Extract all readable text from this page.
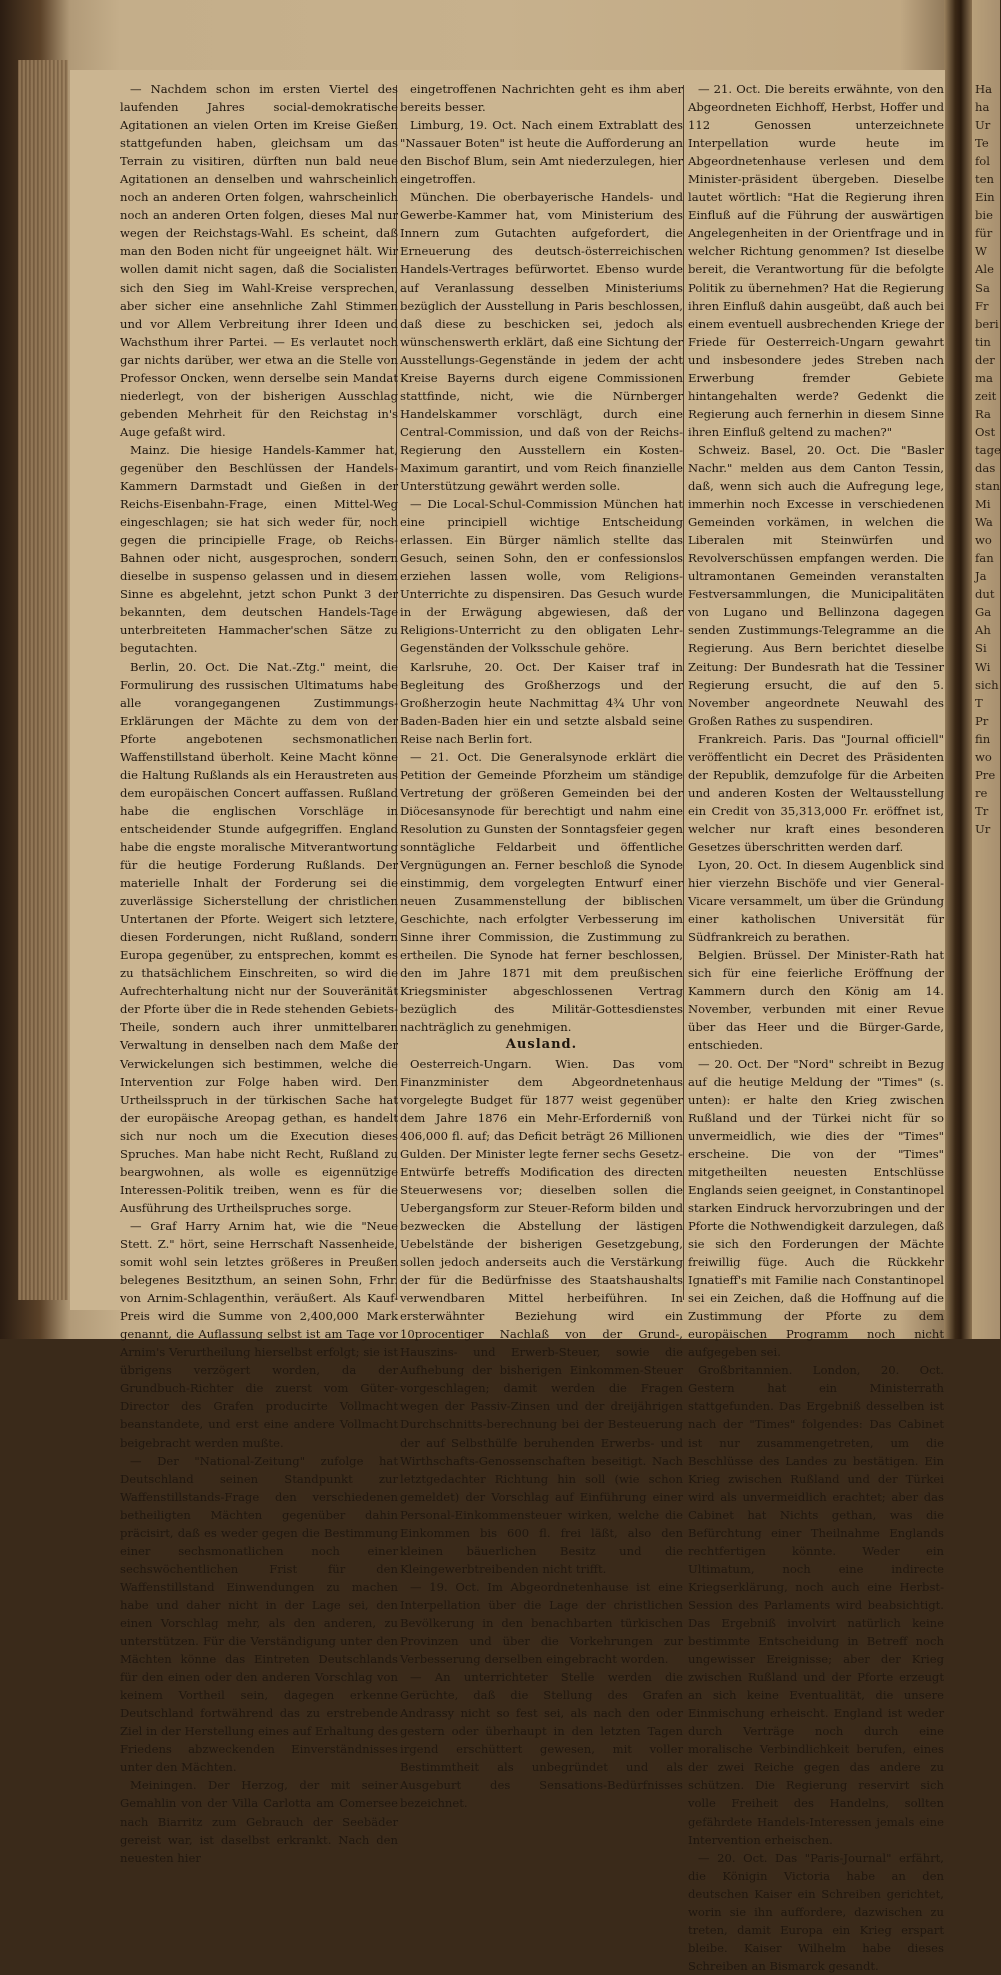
— Nachdem schon im ersten Viertel des laufenden Jahres social-demokratische Agitationen an vielen Orten im Kreise Gießen stattgefunden haben, gleichsam um das Terrain zu visitiren, dürften nun bald neue Agitationen an denselben und wahrscheinlich noch an anderen Orten folgen, wahrscheinlich noch an anderen Orten folgen, dieses Mal nur wegen der Reichstags-Wahl. Es scheint, daß man den Boden nicht für ungeeignet hält. Wir wollen damit nicht sagen, daß die Socialisten sich den Sieg im Wahl-Kreise versprechen, aber sicher eine ansehnliche Zahl Stimmen und vor Allem Verbreitung ihrer Ideen und Wachsthum ihrer Partei. — Es verlautet noch gar nichts darüber, wer etwa an die Stelle von Professor Oncken, wenn derselbe sein Mandat niederlegt, von der bisherigen Ausschlag gebenden Mehrheit für den Reichstag in's Auge gefaßt wird.

Mainz. Die hiesige Handels-Kammer hat, gegenüber den Beschlüssen der Handels-Kammern Darmstadt und Gießen in der Reichs-Eisenbahn-Frage, einen Mittel-Weg eingeschlagen; sie hat sich weder für, noch gegen die principielle Frage, ob Reichs-Bahnen oder nicht, ausgesprochen, sondern dieselbe in suspenso gelassen und in diesem Sinne es abgelehnt, jetzt schon Punkt 3 der bekannten, dem deutschen Handels-Tage unterbreiteten Hammacher'schen Sätze zu begutachten.

Berlin, 20. Oct. Die Nat.-Ztg." meint, die Formulirung des russischen Ultimatums habe alle vorangegangenen Zustimmungs-Erklärungen der Mächte zu dem von der Pforte angebotenen sechsmonatlichen Waffenstillstand überholt. Keine Macht könne die Haltung Rußlands als ein Heraustreten aus dem europäischen Concert auffassen. Rußland habe die englischen Vorschläge in entscheidender Stunde aufgegriffen. England habe die engste moralische Mitverantwortung für die heutige Forderung Rußlands. Der materielle Inhalt der Forderung sei die zuverlässige Sicherstellung der christlichen Untertanen der Pforte. Weigert sich letztere, diesen Forderungen, nicht Rußland, sondern Europa gegenüber, zu entsprechen, kommt es zu thatsächlichem Einschreiten, so wird die Aufrechterhaltung nicht nur der Souveränität der Pforte über die in Rede stehenden Gebiets-Theile, sondern auch ihrer unmittelbaren Verwaltung in denselben nach dem Maße der Verwickelungen sich bestimmen, welche die Intervention zur Folge haben wird. Den Urtheilsspruch in der türkischen Sache hat der europäische Areopag gethan, es handelt sich nur noch um die Execution dieses Spruches. Man habe nicht Recht, Rußland zu beargwohnen, als wolle es eigennützige Interessen-Politik treiben, wenn es für die Ausführung des Urtheilspruches sorge.

— Graf Harry Arnim hat, wie die "Neue Stett. Z." hört, seine Herrschaft Nassenheide, somit wohl sein letztes größeres in Preußen belegenes Besitzthum, an seinen Sohn, Frhr. von Arnim-Schlagenthin, veräußert. Als Kauf-Preis wird die Summe von 2,400,000 Mark genannt, die Auflassung selbst ist am Tage vor Arnim's Verurtheilung hierselbst erfolgt; sie ist übrigens verzögert worden, da der Grundbuch-Richter die zuerst vom Güter-Director des Grafen producirte Vollmacht beanstandete, und erst eine andere Vollmacht beigebracht werden mußte.

— Der "National-Zeitung" zufolge hat Deutschland seinen Standpunkt zur Waffenstillstands-Frage den verschiedenen betheiligten Mächten gegenüber dahin präcisirt, daß es weder gegen die Bestimmung einer sechsmonatlichen noch einer sechswöchentlichen Frist für den Waffenstillstand Einwendungen zu machen habe und daher nicht in der Lage sei, den einen Vorschlag mehr, als den anderen, zu unterstützen. Für die Verständigung unter den Mächten könne das Eintreten Deutschlands für den einen oder den anderen Vorschlag von keinem Vortheil sein, dagegen erkenne Deutschland fortwährend das zu erstrebende Ziel in der Herstellung eines auf Erhaltung des Friedens abzweckenden Einverständnisses unter den Mächten.

Meiningen. Der Herzog, der mit seiner Gemahlin von der Villa Carlotta am Comersee nach Biarritz zum Gebrauch der Seebäder gereist war, ist daselbst erkrankt. Nach den neuesten hier

eingetroffenen Nachrichten geht es ihm aber bereits besser.

Limburg, 19. Oct. Nach einem Extrablatt des "Nassauer Boten" ist heute die Aufforderung an den Bischof Blum, sein Amt niederzulegen, hier eingetroffen.

München. Die oberbayerische Handels- und Gewerbe-Kammer hat, vom Ministerium des Innern zum Gutachten aufgefordert, die Erneuerung des deutsch-österreichischen Handels-Vertrages befürwortet. Ebenso wurde auf Veranlassung desselben Ministeriums bezüglich der Ausstellung in Paris beschlossen, daß diese zu beschicken sei, jedoch als wünschenswerth erklärt, daß eine Sichtung der Ausstellungs-Gegenstände in jedem der acht Kreise Bayerns durch eigene Commissionen stattfinde, nicht, wie die Nürnberger Handelskammer vorschlägt, durch eine Central-Commission, und daß von der Reichs-Regierung den Ausstellern ein Kosten-Maximum garantirt, und vom Reich finanzielle Unterstützung gewährt werden solle.

— Die Local-Schul-Commission München hat eine principiell wichtige Entscheidung erlassen. Ein Bürger nämlich stellte das Gesuch, seinen Sohn, den er confessionslos erziehen lassen wolle, vom Religions-Unterrichte zu dispensiren. Das Gesuch wurde in der Erwägung abgewiesen, daß der Religions-Unterricht zu den obligaten Lehr-Gegenständen der Volksschule gehöre.

Karlsruhe, 20. Oct. Der Kaiser traf in Begleitung des Großherzogs und der Großherzogin heute Nachmittag 4¾ Uhr von Baden-Baden hier ein und setzte alsbald seine Reise nach Berlin fort.

— 21. Oct. Die Generalsynode erklärt die Petition der Gemeinde Pforzheim um ständige Vertretung der größeren Gemeinden bei der Diöcesansynode für berechtigt und nahm eine Resolution zu Gunsten der Sonntagsfeier gegen sonntägliche Feldarbeit und öffentliche Vergnügungen an. Ferner beschloß die Synode einstimmig, dem vorgelegten Entwurf einer neuen Zusammenstellung der biblischen Geschichte, nach erfolgter Verbesserung im Sinne ihrer Commission, die Zustimmung zu ertheilen. Die Synode hat ferner beschlossen, den im Jahre 1871 mit dem preußischen Kriegsminister abgeschlossenen Vertrag bezüglich des Militär-Gottesdienstes nachträglich zu genehmigen.

Ausland.

Oesterreich-Ungarn. Wien. Das vom Finanzminister dem Abgeordnetenhaus vorgelegte Budget für 1877 weist gegenüber dem Jahre 1876 ein Mehr-Erforderniß von 406,000 fl. auf; das Deficit beträgt 26 Millionen Gulden. Der Minister legte ferner sechs Gesetz-Entwürfe betreffs Modification des directen Steuerwesens vor; dieselben sollen die Uebergangsform zur Steuer-Reform bilden und bezwecken die Abstellung der lästigen Uebelstände der bisherigen Gesetzgebung, sollen jedoch anderseits auch die Verstärkung der für die Bedürfnisse des Staatshaushalts verwendbaren Mittel herbeiführen. In ersterwähnter Beziehung wird ein 10procentiger Nachlaß von der Grund-, Hauszins- und Erwerb-Steuer, sowie die Aufhebung der bisherigen Einkommen-Steuer vorgeschlagen; damit werden die Fragen wegen der Passiv-Zinsen und der dreijährigen Durchschnitts-berechnung bei der Besteuerung der auf Selbsthülfe beruhenden Erwerbs- und Wirthschafts-Genossenschaften beseitigt. Nach letztgedachter Richtung hin soll (wie schon gemeldet) der Vorschlag auf Einführung einer Personal-Einkommensteuer wirken, welche die Einkommen bis 600 fl. frei läßt, also den kleinen bäuerlichen Besitz und die Kleingewerbtreibenden nicht trifft.

— 19. Oct. Im Abgeordnetenhause ist eine Interpellation über die Lage der christlichen Bevölkerung in den benachbarten türkischen Provinzen und über die Vorkehrungen zur Verbesserung derselben eingebracht worden.

— An unterrichteter Stelle werden die Gerüchte, daß die Stellung des Grafen Andrassy nicht so fest sei, als nach den oder gestern oder überhaupt in den letzten Tagen irgend erschüttert gewesen, mit voller Bestimmtheit als unbegründet und als Ausgeburt des Sensations-Bedürfnisses bezeichnet.

— 21. Oct. Die bereits erwähnte, von den Abgeordneten Eichhoff, Herbst, Hoffer und 112 Genossen unterzeichnete Interpellation wurde heute im Abgeordnetenhause verlesen und dem Minister-präsident übergeben. Dieselbe lautet wörtlich: "Hat die Regierung ihren Einfluß auf die Führung der auswärtigen Angelegenheiten in der Orientfrage und in welcher Richtung genommen? Ist dieselbe bereit, die Verantwortung für die befolgte Politik zu übernehmen? Hat die Regierung ihren Einfluß dahin ausgeübt, daß auch bei einem eventuell ausbrechenden Kriege der Friede für Oesterreich-Ungarn gewahrt und insbesondere jedes Streben nach Erwerbung fremder Gebiete hintangehalten werde? Gedenkt die Regierung auch fernerhin in diesem Sinne ihren Einfluß geltend zu machen?"

Schweiz. Basel, 20. Oct. Die "Basler Nachr." melden aus dem Canton Tessin, daß, wenn sich auch die Aufregung lege, immerhin noch Excesse in verschiedenen Gemeinden vorkämen, in welchen die Liberalen mit Steinwürfen und Revolverschüssen empfangen werden. Die ultramontanen Gemeinden veranstalten Festversammlungen, die Municipalitäten von Lugano und Bellinzona dagegen senden Zustimmungs-Telegramme an die Regierung. Aus Bern berichtet dieselbe Zeitung: Der Bundesrath hat die Tessiner Regierung ersucht, die auf den 5. November angeordnete Neuwahl des Großen Rathes zu suspendiren.

Frankreich. Paris. Das "Journal officiell" veröffentlicht ein Decret des Präsidenten der Republik, demzufolge für die Arbeiten und anderen Kosten der Weltausstellung ein Credit von 35,313,000 Fr. eröffnet ist, welcher nur kraft eines besonderen Gesetzes überschritten werden darf.

Lyon, 20. Oct. In diesem Augenblick sind hier vierzehn Bischöfe und vier General-Vicare versammelt, um über die Gründung einer katholischen Universität für Südfrankreich zu berathen.

Belgien. Brüssel. Der Minister-Rath hat sich für eine feierliche Eröffnung der Kammern durch den König am 14. November, verbunden mit einer Revue über das Heer und die Bürger-Garde, entschieden.

— 20. Oct. Der "Nord" schreibt in Bezug auf die heutige Meldung der "Times" (s. unten): er halte den Krieg zwischen Rußland und der Türkei nicht für so unvermeidlich, wie dies der "Times" erscheine. Die von der "Times" mitgetheilten neuesten Entschlüsse Englands seien geeignet, in Constantinopel starken Eindruck hervorzubringen und der Pforte die Nothwendigkeit darzulegen, daß sie sich den Forderungen der Mächte freiwillig füge. Auch die Rückkehr Ignatieff's mit Familie nach Constantinopel sei ein Zeichen, daß die Hoffnung auf die Zustimmung der Pforte zu dem europäischen Programm noch nicht aufgegeben sei.

Großbritannien. London, 20. Oct. Gestern hat ein Ministerrath stattgefunden. Das Ergebniß desselben ist nach der "Times" folgendes: Das Cabinet ist nur zusammengetreten, um die Beschlüsse des Landes zu bestätigen. Ein Krieg zwischen Rußland und der Türkei wird als unvermeidlich erachtet; aber das Cabinet hat Nichts gethan, was die Befürchtung einer Theilnahme Englands rechtfertigen könnte. Weder ein Ultimatum, noch eine indirecte Kriegserklärung, noch auch eine Herbst-Session des Parlaments wird beabsichtigt. Das Ergebniß involvirt natürlich keine bestimmte Entscheidung in Betreff noch ungewisser Ereignisse; aber der Krieg zwischen Rußland und der Pforte erzeugt an sich keine Eventualität, die unsere Einmischung erheischt. England ist weder durch Verträge noch durch eine moralische Verbindlichkeit berufen, eines der zwei Reiche gegen das andere zu schützen. Die Regierung reservirt sich volle Freiheit des Handelns, sollten gefährdete Handels-Interessen jemals eine Intervention erheischen.

— 20. Oct. Das "Paris-Journal" erfährt, die Königin Victoria habe an den deutschen Kaiser ein Schreiben gerichtet, worin sie ihn auffordere, dazwischen zu treten, damit Europa ein Krieg erspart bleibe. Kaiser Wilhelm habe dieses Schreiben an Bismarck gesandt.

Ha
ha
Ur
Te
fol
ten
Ein
bie
für
W
Ale
Sa
Fr
beri
tin
der
ma
zeit
Ra
Ost
tage
das
stan
Mi
Wa
wo
fan
Ja
dut
Ga
Ah
Si
Wi
sich
T
Pr
fin
wo
Pre
re
Tr
Ur
